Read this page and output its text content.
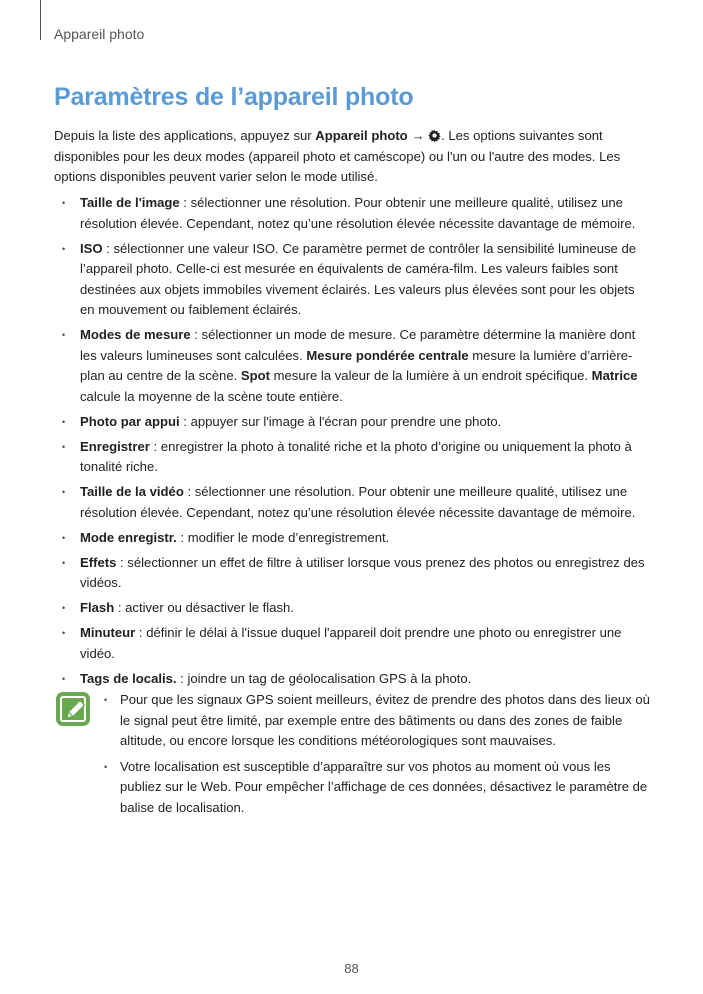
Appareil photo
Paramètres de l’appareil photo

Depuis la liste des applications, appuyez sur Appareil photo → . Les options suivantes sont disponibles pour les deux modes (appareil photo et caméscope) ou l'un ou l'autre des modes. Les options disponibles peuvent varier selon le mode utilisé.

• Taille de l'image : sélectionner une résolution. Pour obtenir une meilleure qualité, utilisez une résolution élevée. Cependant, notez qu’une résolution élevée nécessite davantage de mémoire.
• ISO : sélectionner une valeur ISO. Ce paramètre permet de contrôler la sensibilité lumineuse de l’appareil photo. Celle-ci est mesurée en équivalents de caméra-film. Les valeurs faibles sont destinées aux objets immobiles vivement éclairés. Les valeurs plus élevées sont pour les objets en mouvement ou faiblement éclairés.
• Modes de mesure : sélectionner un mode de mesure. Ce paramètre détermine la manière dont les valeurs lumineuses sont calculées. Mesure pondérée centrale mesure la lumière d’arrière-plan au centre de la scène. Spot mesure la valeur de la lumière à un endroit spécifique. Matrice calcule la moyenne de la scène toute entière.
• Photo par appui : appuyer sur l'image à l'écran pour prendre une photo.
• Enregistrer : enregistrer la photo à tonalité riche et la photo d’origine ou uniquement la photo à tonalité riche.
• Taille de la vidéo : sélectionner une résolution. Pour obtenir une meilleure qualité, utilisez une résolution élevée. Cependant, notez qu’une résolution élevée nécessite davantage de mémoire.
• Mode enregistr. : modifier le mode d’enregistrement.
• Effets : sélectionner un effet de filtre à utiliser lorsque vous prenez des photos ou enregistrez des vidéos.
• Flash : activer ou désactiver le flash.
• Minuteur : définir le délai à l'issue duquel l'appareil doit prendre une photo ou enregistrer une vidéo.
• Tags de localis. : joindre un tag de géolocalisation GPS à la photo.
• Pour que les signaux GPS soient meilleurs, évitez de prendre des photos dans des lieux où le signal peut être limité, par exemple entre des bâtiments ou dans des zones de faible altitude, ou encore lorsque les conditions météorologiques sont mauvaises.
• Votre localisation est susceptible d’apparaître sur vos photos au moment où vous les publiez sur le Web. Pour empêcher l’affichage de ces données, désactivez le paramètre de balise de localisation.
88
